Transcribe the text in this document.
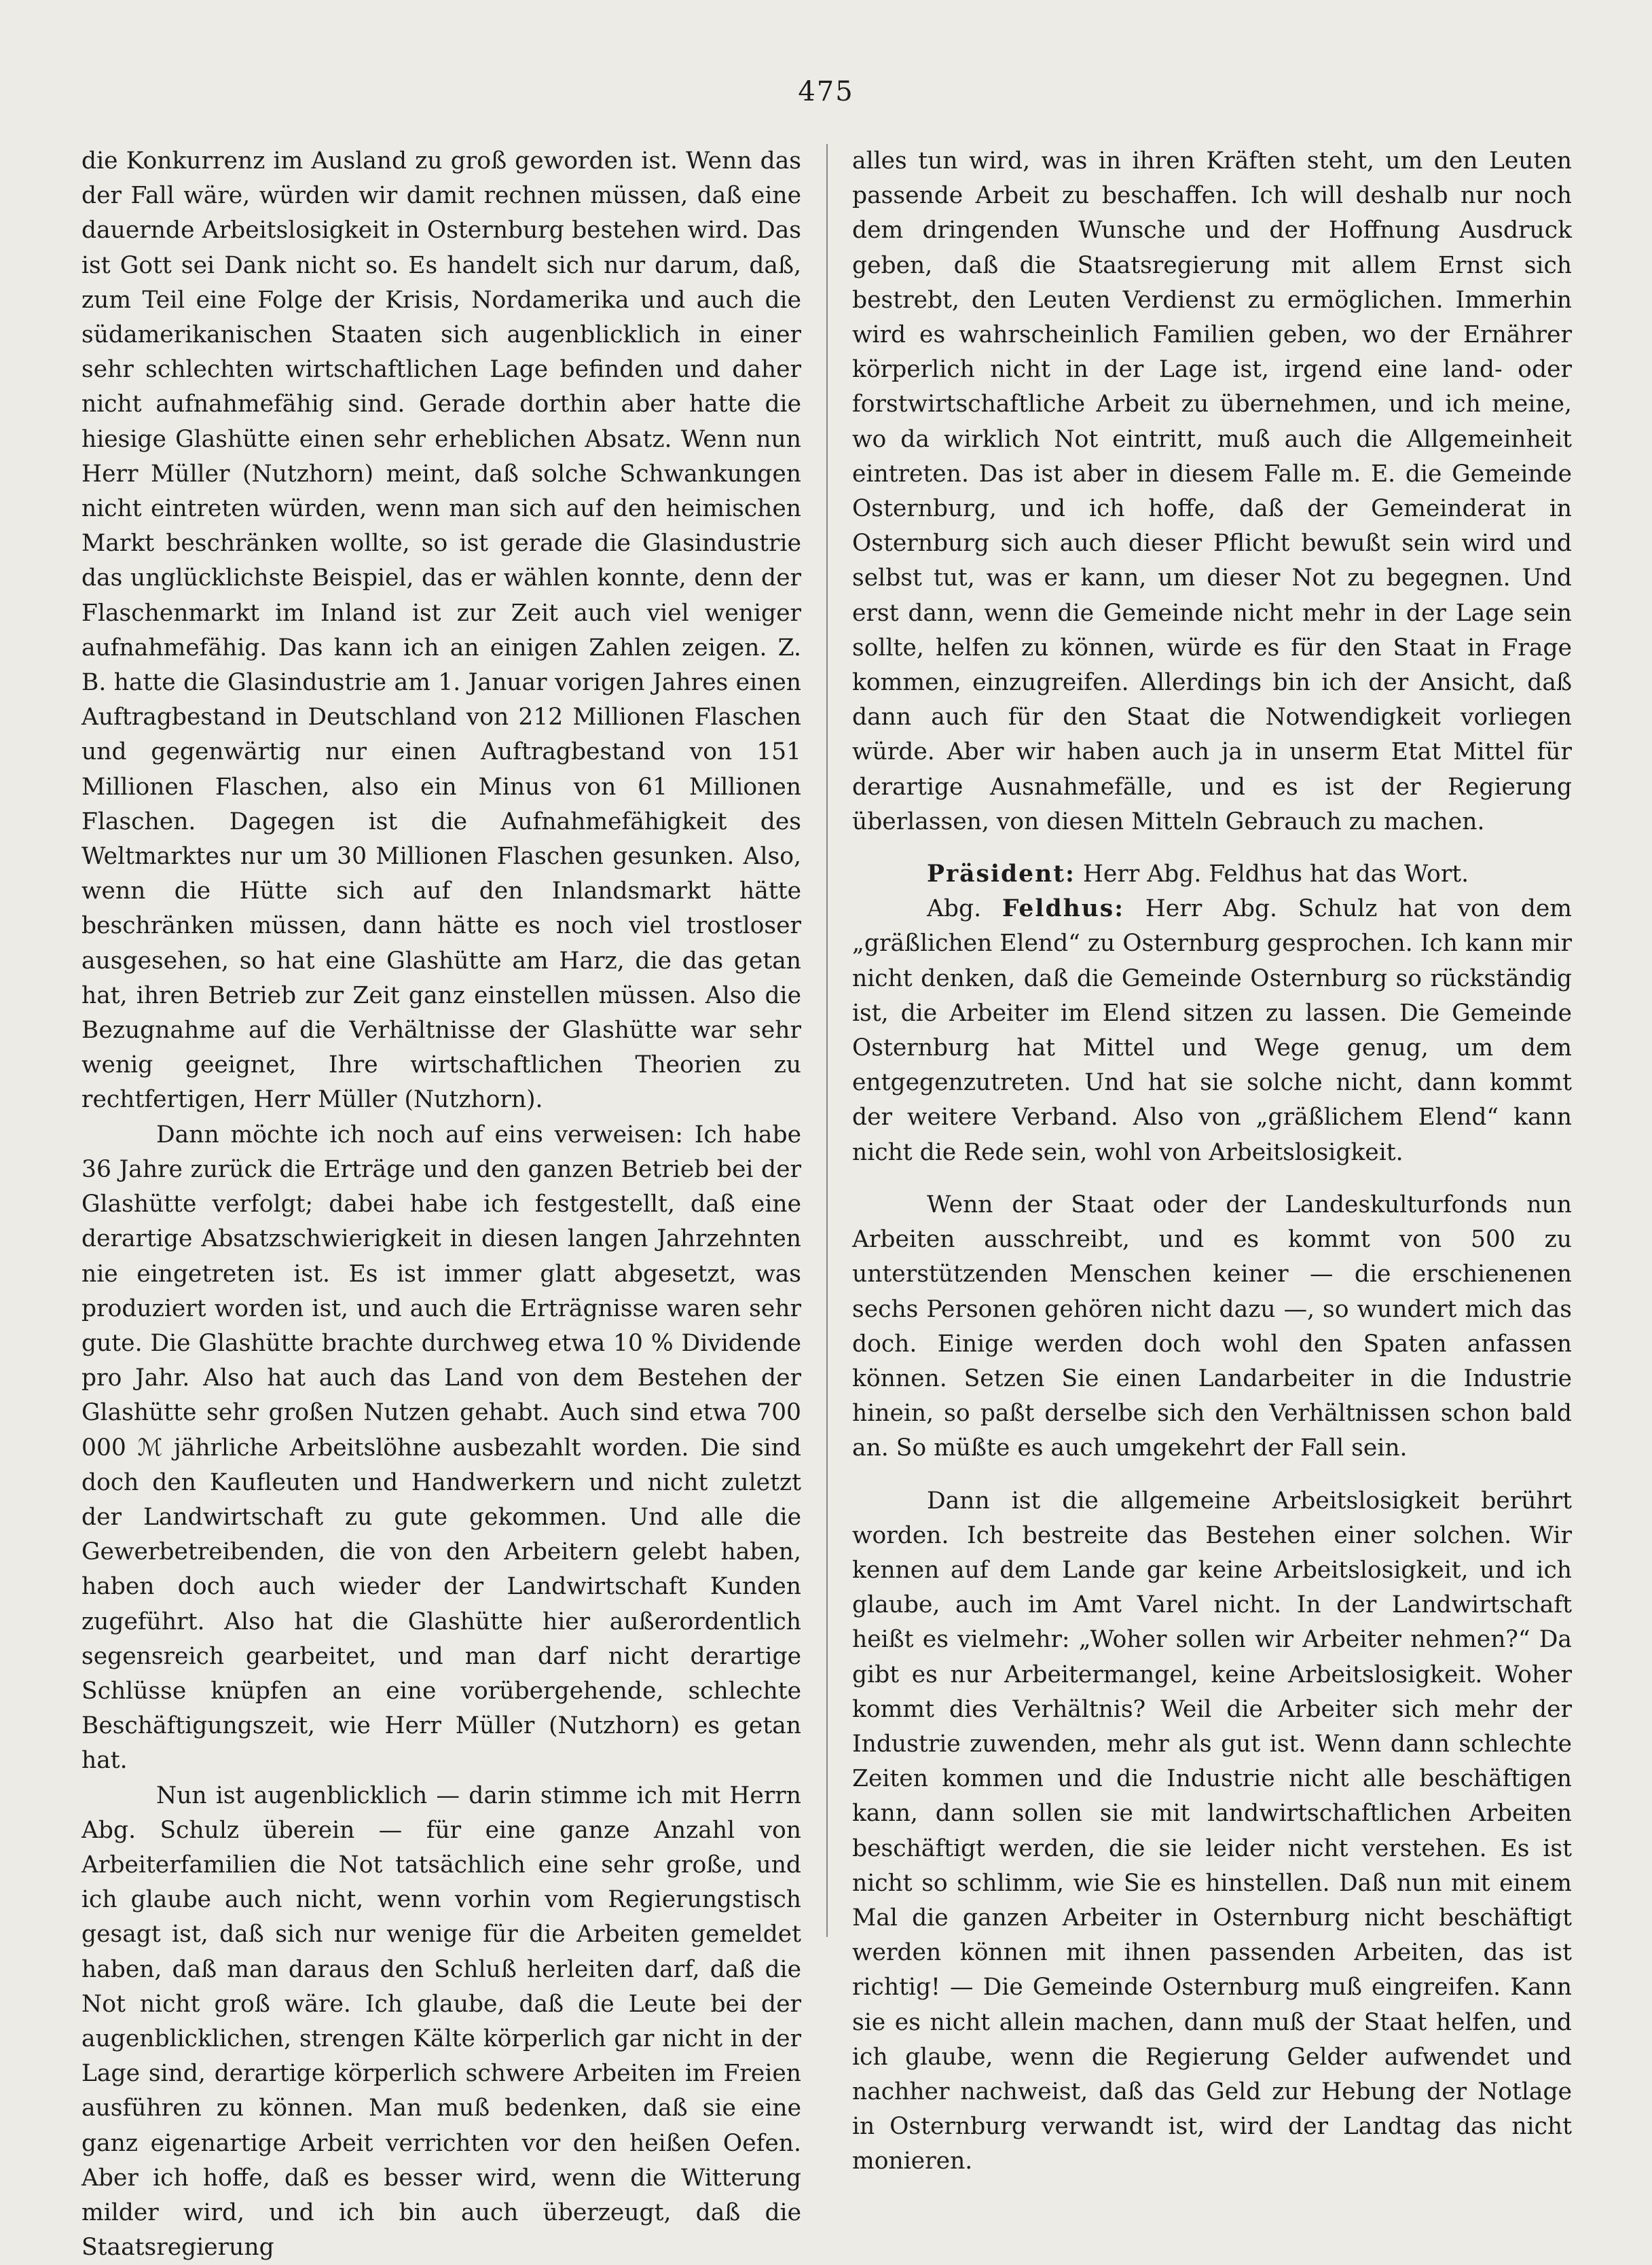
475

die Konkurrenz im Ausland zu groß geworden ist. Wenn das der Fall wäre, würden wir damit rechnen müssen, daß eine dauernde Arbeitslosigkeit in Osternburg bestehen wird. Das ist Gott sei Dank nicht so. Es handelt sich nur darum, daß, zum Teil eine Folge der Krisis, Nordamerika und auch die südamerikanischen Staaten sich augenblicklich in einer sehr schlechten wirtschaftlichen Lage befinden und daher nicht aufnahmefähig sind. Gerade dorthin aber hatte die hiesige Glashütte einen sehr erheblichen Absatz. Wenn nun Herr Müller (Nutzhorn) meint, daß solche Schwankungen nicht eintreten würden, wenn man sich auf den heimischen Markt beschränken wollte, so ist gerade die Glasindustrie das unglücklichste Beispiel, das er wählen konnte, denn der Flaschenmarkt im Inland ist zur Zeit auch viel weniger aufnahmefähig. Das kann ich an einigen Zahlen zeigen. Z. B. hatte die Glasindustrie am 1. Januar vorigen Jahres einen Auftragbestand in Deutschland von 212 Millionen Flaschen und gegenwärtig nur einen Auftragbestand von 151 Millionen Flaschen, also ein Minus von 61 Millionen Flaschen. Dagegen ist die Aufnahmefähigkeit des Weltmarktes nur um 30 Millionen Flaschen gesunken. Also, wenn die Hütte sich auf den Inlandsmarkt hätte beschränken müssen, dann hätte es noch viel trostloser ausgesehen, so hat eine Glashütte am Harz, die das getan hat, ihren Betrieb zur Zeit ganz einstellen müssen. Also die Bezugnahme auf die Verhältnisse der Glashütte war sehr wenig geeignet, Ihre wirtschaftlichen Theorien zu rechtfertigen, Herr Müller (Nutzhorn).

Dann möchte ich noch auf eins verweisen: Ich habe 36 Jahre zurück die Erträge und den ganzen Betrieb bei der Glashütte verfolgt; dabei habe ich festgestellt, daß eine derartige Absatzschwierigkeit in diesen langen Jahrzehnten nie eingetreten ist. Es ist immer glatt abgesetzt, was produziert worden ist, und auch die Erträgnisse waren sehr gute. Die Glashütte brachte durchweg etwa 10 % Dividende pro Jahr. Also hat auch das Land von dem Bestehen der Glashütte sehr großen Nutzen gehabt. Auch sind etwa 700 000 ℳ jährliche Arbeitslöhne ausbezahlt worden. Die sind doch den Kaufleuten und Handwerkern und nicht zuletzt der Landwirtschaft zu gute gekommen. Und alle die Gewerbetreibenden, die von den Arbeitern gelebt haben, haben doch auch wieder der Landwirtschaft Kunden zugeführt. Also hat die Glashütte hier außerordentlich segensreich gearbeitet, und man darf nicht derartige Schlüsse knüpfen an eine vorübergehende, schlechte Beschäftigungszeit, wie Herr Müller (Nutzhorn) es getan hat.

Nun ist augenblicklich — darin stimme ich mit Herrn Abg. Schulz überein — für eine ganze Anzahl von Arbeiterfamilien die Not tatsächlich eine sehr große, und ich glaube auch nicht, wenn vorhin vom Regierungstisch gesagt ist, daß sich nur wenige für die Arbeiten gemeldet haben, daß man daraus den Schluß herleiten darf, daß die Not nicht groß wäre. Ich glaube, daß die Leute bei der augenblicklichen, strengen Kälte körperlich gar nicht in der Lage sind, derartige körperlich schwere Arbeiten im Freien ausführen zu können. Man muß bedenken, daß sie eine ganz eigenartige Arbeit verrichten vor den heißen Oefen. Aber ich hoffe, daß es besser wird, wenn die Witterung milder wird, und ich bin auch überzeugt, daß die Staatsregierung

alles tun wird, was in ihren Kräften steht, um den Leuten passende Arbeit zu beschaffen. Ich will deshalb nur noch dem dringenden Wunsche und der Hoffnung Ausdruck geben, daß die Staatsregierung mit allem Ernst sich bestrebt, den Leuten Verdienst zu ermöglichen. Immerhin wird es wahrscheinlich Familien geben, wo der Ernährer körperlich nicht in der Lage ist, irgend eine land- oder forstwirtschaftliche Arbeit zu übernehmen, und ich meine, wo da wirklich Not eintritt, muß auch die Allgemeinheit eintreten. Das ist aber in diesem Falle m. E. die Gemeinde Osternburg, und ich hoffe, daß der Gemeinderat in Osternburg sich auch dieser Pflicht bewußt sein wird und selbst tut, was er kann, um dieser Not zu begegnen. Und erst dann, wenn die Gemeinde nicht mehr in der Lage sein sollte, helfen zu können, würde es für den Staat in Frage kommen, einzugreifen. Allerdings bin ich der Ansicht, daß dann auch für den Staat die Notwendigkeit vorliegen würde. Aber wir haben auch ja in unserm Etat Mittel für derartige Ausnahmefälle, und es ist der Regierung überlassen, von diesen Mitteln Gebrauch zu machen.

Präsident: Herr Abg. Feldhus hat das Wort.

Abg. Feldhus: Herr Abg. Schulz hat von dem „gräßlichen Elend“ zu Osternburg gesprochen. Ich kann mir nicht denken, daß die Gemeinde Osternburg so rückständig ist, die Arbeiter im Elend sitzen zu lassen. Die Gemeinde Osternburg hat Mittel und Wege genug, um dem entgegenzutreten. Und hat sie solche nicht, dann kommt der weitere Verband. Also von „gräßlichem Elend“ kann nicht die Rede sein, wohl von Arbeitslosigkeit.

Wenn der Staat oder der Landeskulturfonds nun Arbeiten ausschreibt, und es kommt von 500 zu unterstützenden Menschen keiner — die erschienenen sechs Personen gehören nicht dazu —, so wundert mich das doch. Einige werden doch wohl den Spaten anfassen können. Setzen Sie einen Landarbeiter in die Industrie hinein, so paßt derselbe sich den Verhältnissen schon bald an. So müßte es auch umgekehrt der Fall sein.

Dann ist die allgemeine Arbeitslosigkeit berührt worden. Ich bestreite das Bestehen einer solchen. Wir kennen auf dem Lande gar keine Arbeitslosigkeit, und ich glaube, auch im Amt Varel nicht. In der Landwirtschaft heißt es vielmehr: „Woher sollen wir Arbeiter nehmen?“ Da gibt es nur Arbeitermangel, keine Arbeitslosigkeit. Woher kommt dies Verhältnis? Weil die Arbeiter sich mehr der Industrie zuwenden, mehr als gut ist. Wenn dann schlechte Zeiten kommen und die Industrie nicht alle beschäftigen kann, dann sollen sie mit landwirtschaftlichen Arbeiten beschäftigt werden, die sie leider nicht verstehen. Es ist nicht so schlimm, wie Sie es hinstellen. Daß nun mit einem Mal die ganzen Arbeiter in Osternburg nicht beschäftigt werden können mit ihnen passenden Arbeiten, das ist richtig! — Die Gemeinde Osternburg muß eingreifen. Kann sie es nicht allein machen, dann muß der Staat helfen, und ich glaube, wenn die Regierung Gelder aufwendet und nachher nachweist, daß das Geld zur Hebung der Notlage in Osternburg verwandt ist, wird der Landtag das nicht monieren.
